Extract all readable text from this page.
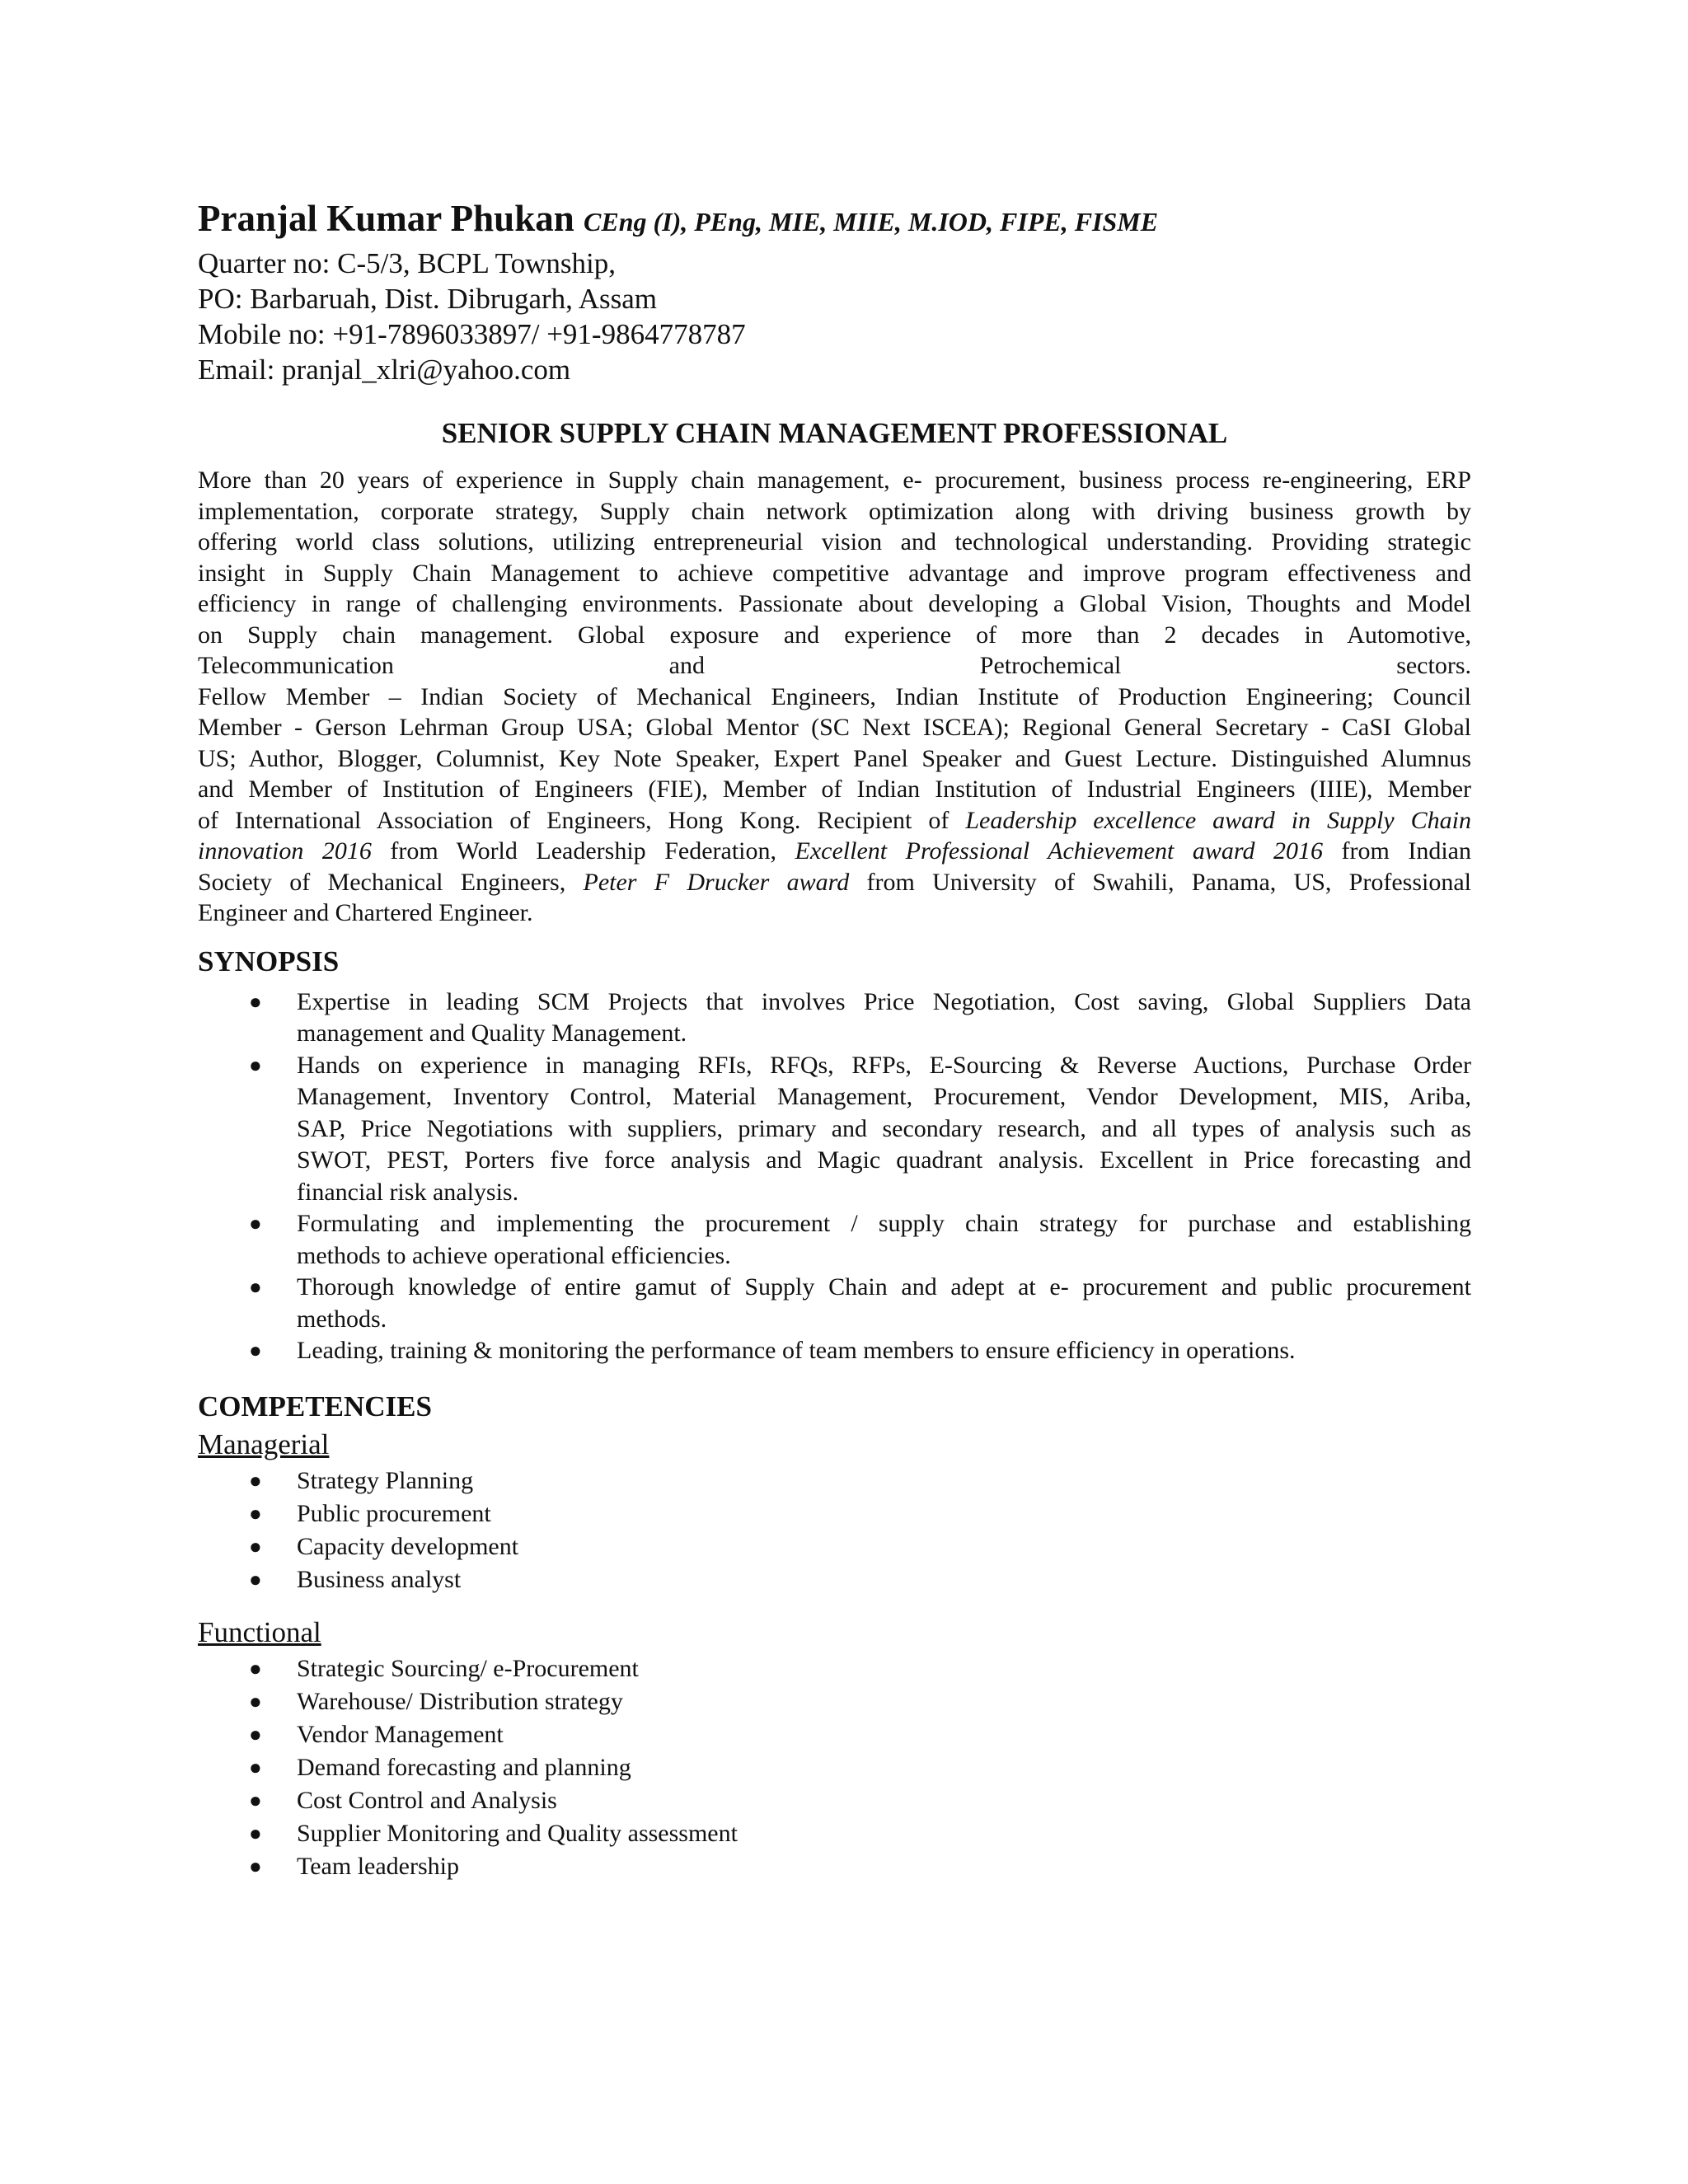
Pranjal Kumar Phukan CEng (I), PEng, MIE, MIIE, M.IOD, FIPE, FISME

Quarter no: C-5/3, BCPL Township,

PO: Barbaruah, Dist. Dibrugarh, Assam

Mobile no: +91-7896033897/ +91-9864778787

Email: pranjal_xlri@yahoo.com

SENIOR SUPPLY CHAIN MANAGEMENT PROFESSIONAL
More than 20 years of experience in Supply chain management, e- procurement, business process re-engineering, ERP
implementation, corporate strategy, Supply chain network optimization along with driving business growth by
offering world class solutions, utilizing entrepreneurial vision and technological understanding. Providing strategic
insight in Supply Chain Management to achieve competitive advantage and improve program effectiveness and
efficiency in range of challenging environments. Passionate about developing a Global Vision, Thoughts and Model
on Supply chain management. Global exposure and experience of more than 2 decades in Automotive,
Telecommunication and Petrochemical sectors.
Fellow Member – Indian Society of Mechanical Engineers, Indian Institute of Production Engineering; Council
Member - Gerson Lehrman Group USA; Global Mentor (SC Next ISCEA); Regional General Secretary - CaSI Global
US; Author, Blogger, Columnist, Key Note Speaker, Expert Panel Speaker and Guest Lecture. Distinguished Alumnus
and Member of Institution of Engineers (FIE), Member of Indian Institution of Industrial Engineers (IIIE), Member
of International Association of Engineers, Hong Kong. Recipient of Leadership excellence award in Supply Chain
innovation 2016 from World Leadership Federation, Excellent Professional Achievement award 2016 from Indian
Society of Mechanical Engineers, Peter F Drucker award from University of Swahili, Panama, US, Professional
Engineer and Chartered Engineer.
SYNOPSIS
● Expertise in leading SCM Projects that involves Price Negotiation, Cost saving, Global Suppliers Data
management and Quality Management.
● Hands on experience in managing RFIs, RFQs, RFPs, E-Sourcing & Reverse Auctions, Purchase Order
Management, Inventory Control, Material Management, Procurement, Vendor Development, MIS, Ariba,
SAP, Price Negotiations with suppliers, primary and secondary research, and all types of analysis such as
SWOT, PEST, Porters five force analysis and Magic quadrant analysis. Excellent in Price forecasting and
financial risk analysis.
● Formulating and implementing the procurement / supply chain strategy for purchase and establishing
methods to achieve operational efficiencies.
● Thorough knowledge of entire gamut of Supply Chain and adept at e- procurement and public procurement
methods.
● Leading, training & monitoring the performance of team members to ensure efficiency in operations.
COMPETENCIES
Managerial
● Strategy Planning
● Public procurement
● Capacity development
● Business analyst
Functional
● Strategic Sourcing/ e-Procurement
● Warehouse/ Distribution strategy
● Vendor Management
● Demand forecasting and planning
● Cost Control and Analysis
● Supplier Monitoring and Quality assessment
● Team leadership
